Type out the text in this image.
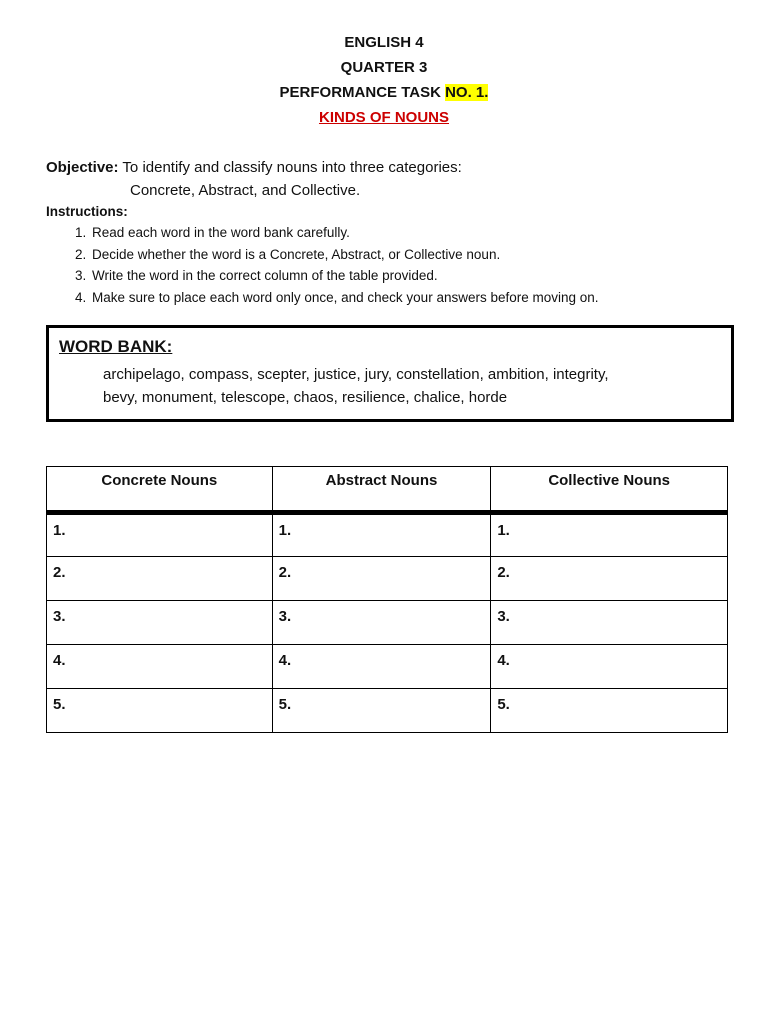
ENGLISH 4
QUARTER 3
PERFORMANCE TASK NO. 1.
KINDS OF NOUNS
Objective: To identify and classify nouns into three categories:
Concrete, Abstract, and Collective.
Instructions:
1. Read each word in the word bank carefully.
2. Decide whether the word is a Concrete, Abstract, or Collective noun.
3. Write the word in the correct column of the table provided.
4. Make sure to place each word only once, and check your answers before moving on.
WORD BANK:
archipelago, compass, scepter, justice, jury, constellation, ambition, integrity,
bevy, monument, telescope, chaos, resilience, chalice, horde
Concrete Nouns	Abstract Nouns	Collective Nouns
1.	1.	1.
2.	2.	2.
3.	3.	3.
4.	4.	4.
5.	5.	5.
